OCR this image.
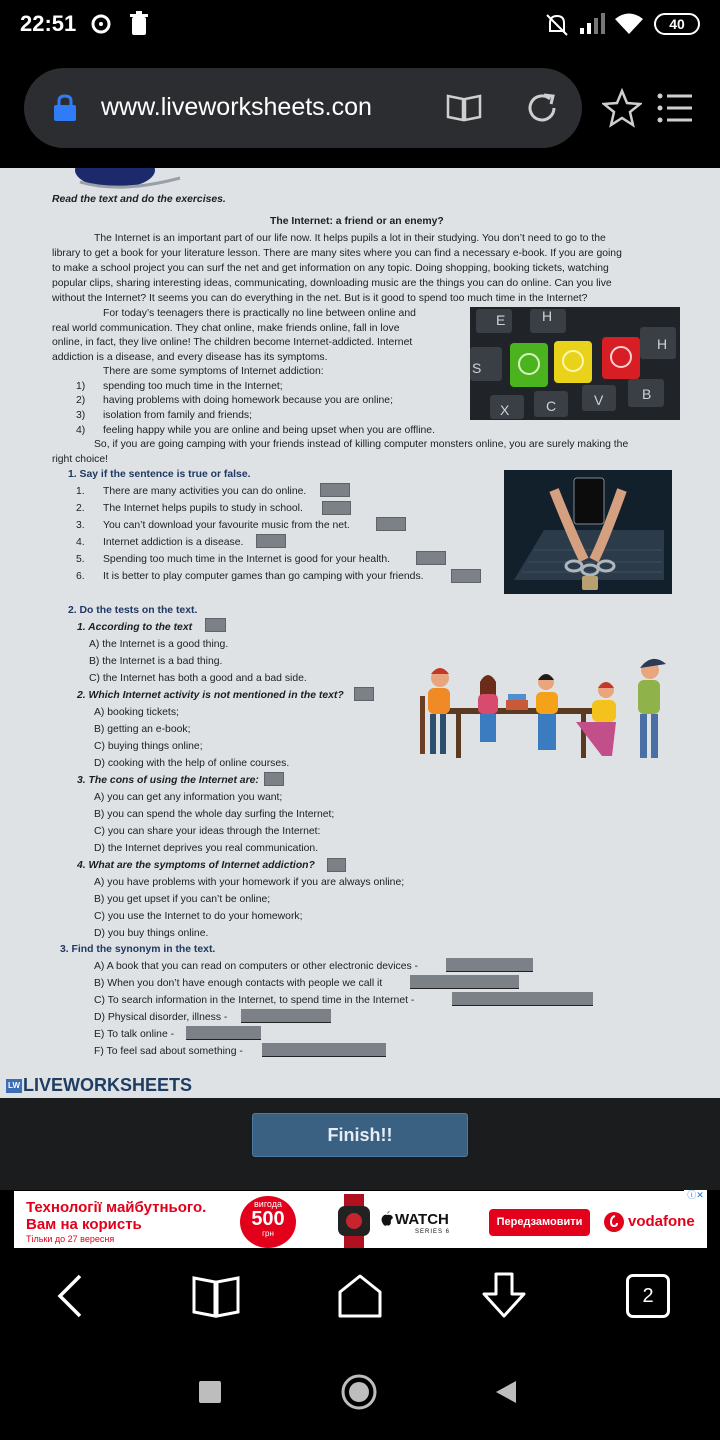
22:51	40
www.liveworksheets.con
Read the text and do the exercises.
The Internet: a friend or an enemy?
The Internet is an important part of our life now. It helps pupils a lot in their studying. You don’t need to go to the
library to get a book for your literature lesson. There are many sites where you can find a necessary e-book. If you are going
to make a school project you can surf the net and get information on any topic. Doing shopping, booking tickets, watching
popular clips, sharing interesting ideas, communicating, downloading music are the things you can do online. Can you live
without the Internet? It seems you can do everything in the net. But is it good to spend too much time in the Internet?
For today’s teenagers there is practically no line between online and
real world communication. They chat online, make friends online, fall in love
online, in fact, they live online! The children become Internet-addicted. Internet
addiction is a disease, and every disease has its symptoms.
There are some symptoms of Internet addiction:
1) spending too much time in the Internet;
2) having problems with doing homework because you are online;
3) isolation from family and friends;
4) feeling happy while you are online and being upset when you are offline.
So, if you are going camping with your friends instead of killing computer monsters online, you are surely making the
right choice!
E	H
H
S
X	C	V	B
1. Say if the sentence is true or false.
1. There are many activities you can do online.
2. The Internet helps pupils to study in school.
3. You can’t download your favourite music from the net.
4. Internet addiction is a disease.
5. Spending too much time in the Internet is good for your health.
6. It is better to play computer games than go camping with your friends.
2. Do the tests on the text.
1. According to the text
A) the Internet is a good thing.
B) the Internet is a bad thing.
C) the Internet has both a good and a bad side.
2. Which Internet activity is not mentioned in the text?
A) booking tickets;
B) getting an e-book;
C) buying things online;
D) cooking with the help of online courses.
3. The cons of using the Internet are:
A) you can get any information you want;
B) you can spend the whole day surfing the Internet;
C) you can share your ideas through the Internet:
D) the Internet deprives you real communication.
4. What are the symptoms of Internet addiction?
A) you have problems with your homework if you are always online;
B) you get upset if you can’t be online;
C) you use the Internet to do your homework;
D) you buy things online.
3. Find the synonym in the text.
A) A book that you can read on computers or other electronic devices -
B) When you don’t have enough contacts with people we call it
C) To search information in the Internet, to spend time in the Internet -
D) Physical disorder, illness -
E) To talk online -
F) To feel sad about something -
LW LIVEWORKSHEETS
Finish!!
Технології майбутнього.
Вам на користь
Тільки до 27 вересня
вигода
500
грн
WATCH
SERIES 6
Передзамовити	vodafone
ⓘ✕
2
